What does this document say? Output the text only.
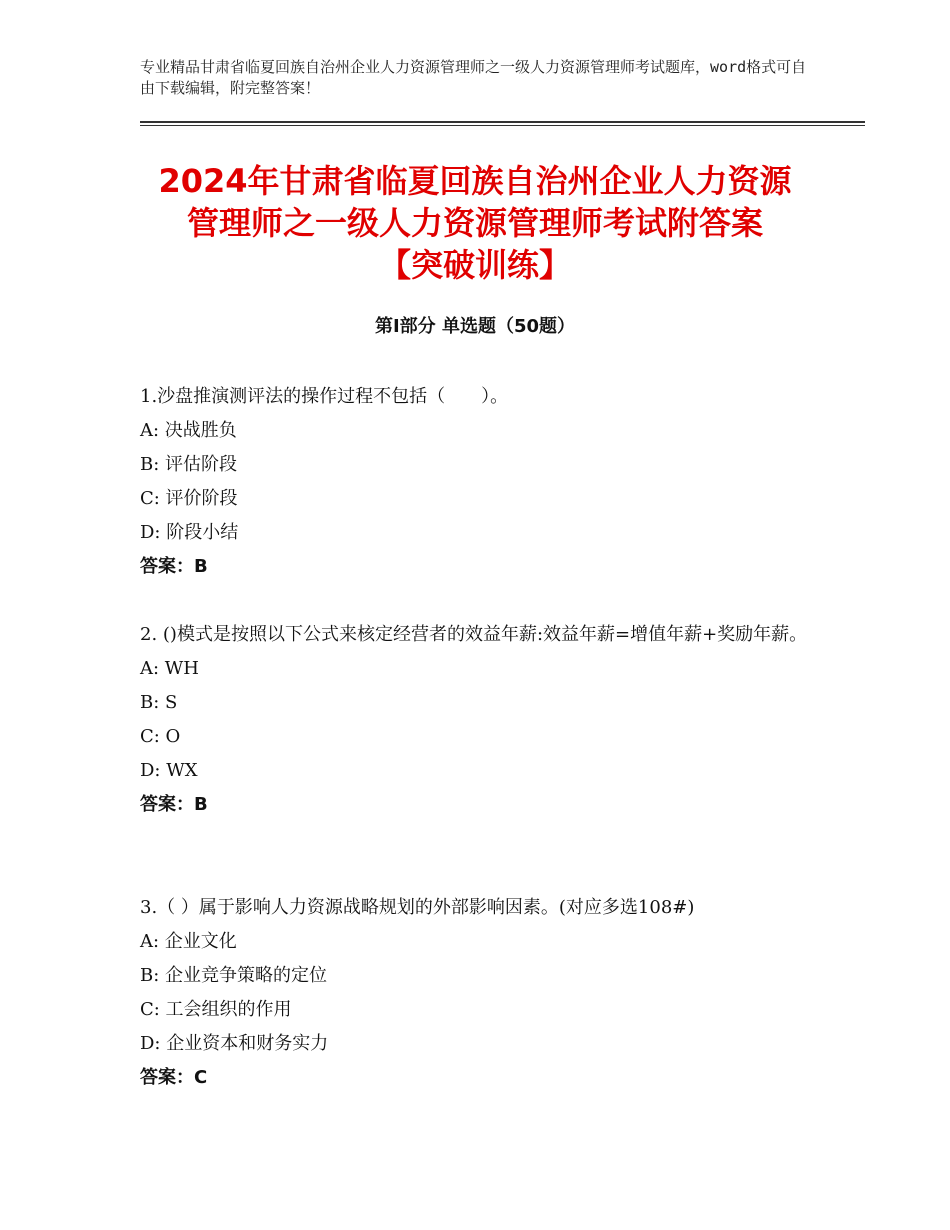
专业精品甘肃省临夏回族自治州企业人力资源管理师之一级人力资源管理师考试题库，word格式可自由下载编辑，附完整答案！
2024年甘肃省临夏回族自治州企业人力资源
管理师之一级人力资源管理师考试附答案
【突破训练】
第Ⅰ部分 单选题（50题）
1.沙盘推演测评法的操作过程不包括（　　）。
A: 决战胜负
B: 评估阶段
C: 评价阶段
D: 阶段小结
答案：B
2. ()模式是按照以下公式来核定经营者的效益年薪:效益年薪=增值年薪+奖励年薪。
A: WH
B: S
C: O
D: WX
答案：B
3.（ ）属于影响人力资源战略规划的外部影响因素。(对应多选108#)
A: 企业文化
B: 企业竞争策略的定位
C: 工会组织的作用
D: 企业资本和财务实力
答案：C
